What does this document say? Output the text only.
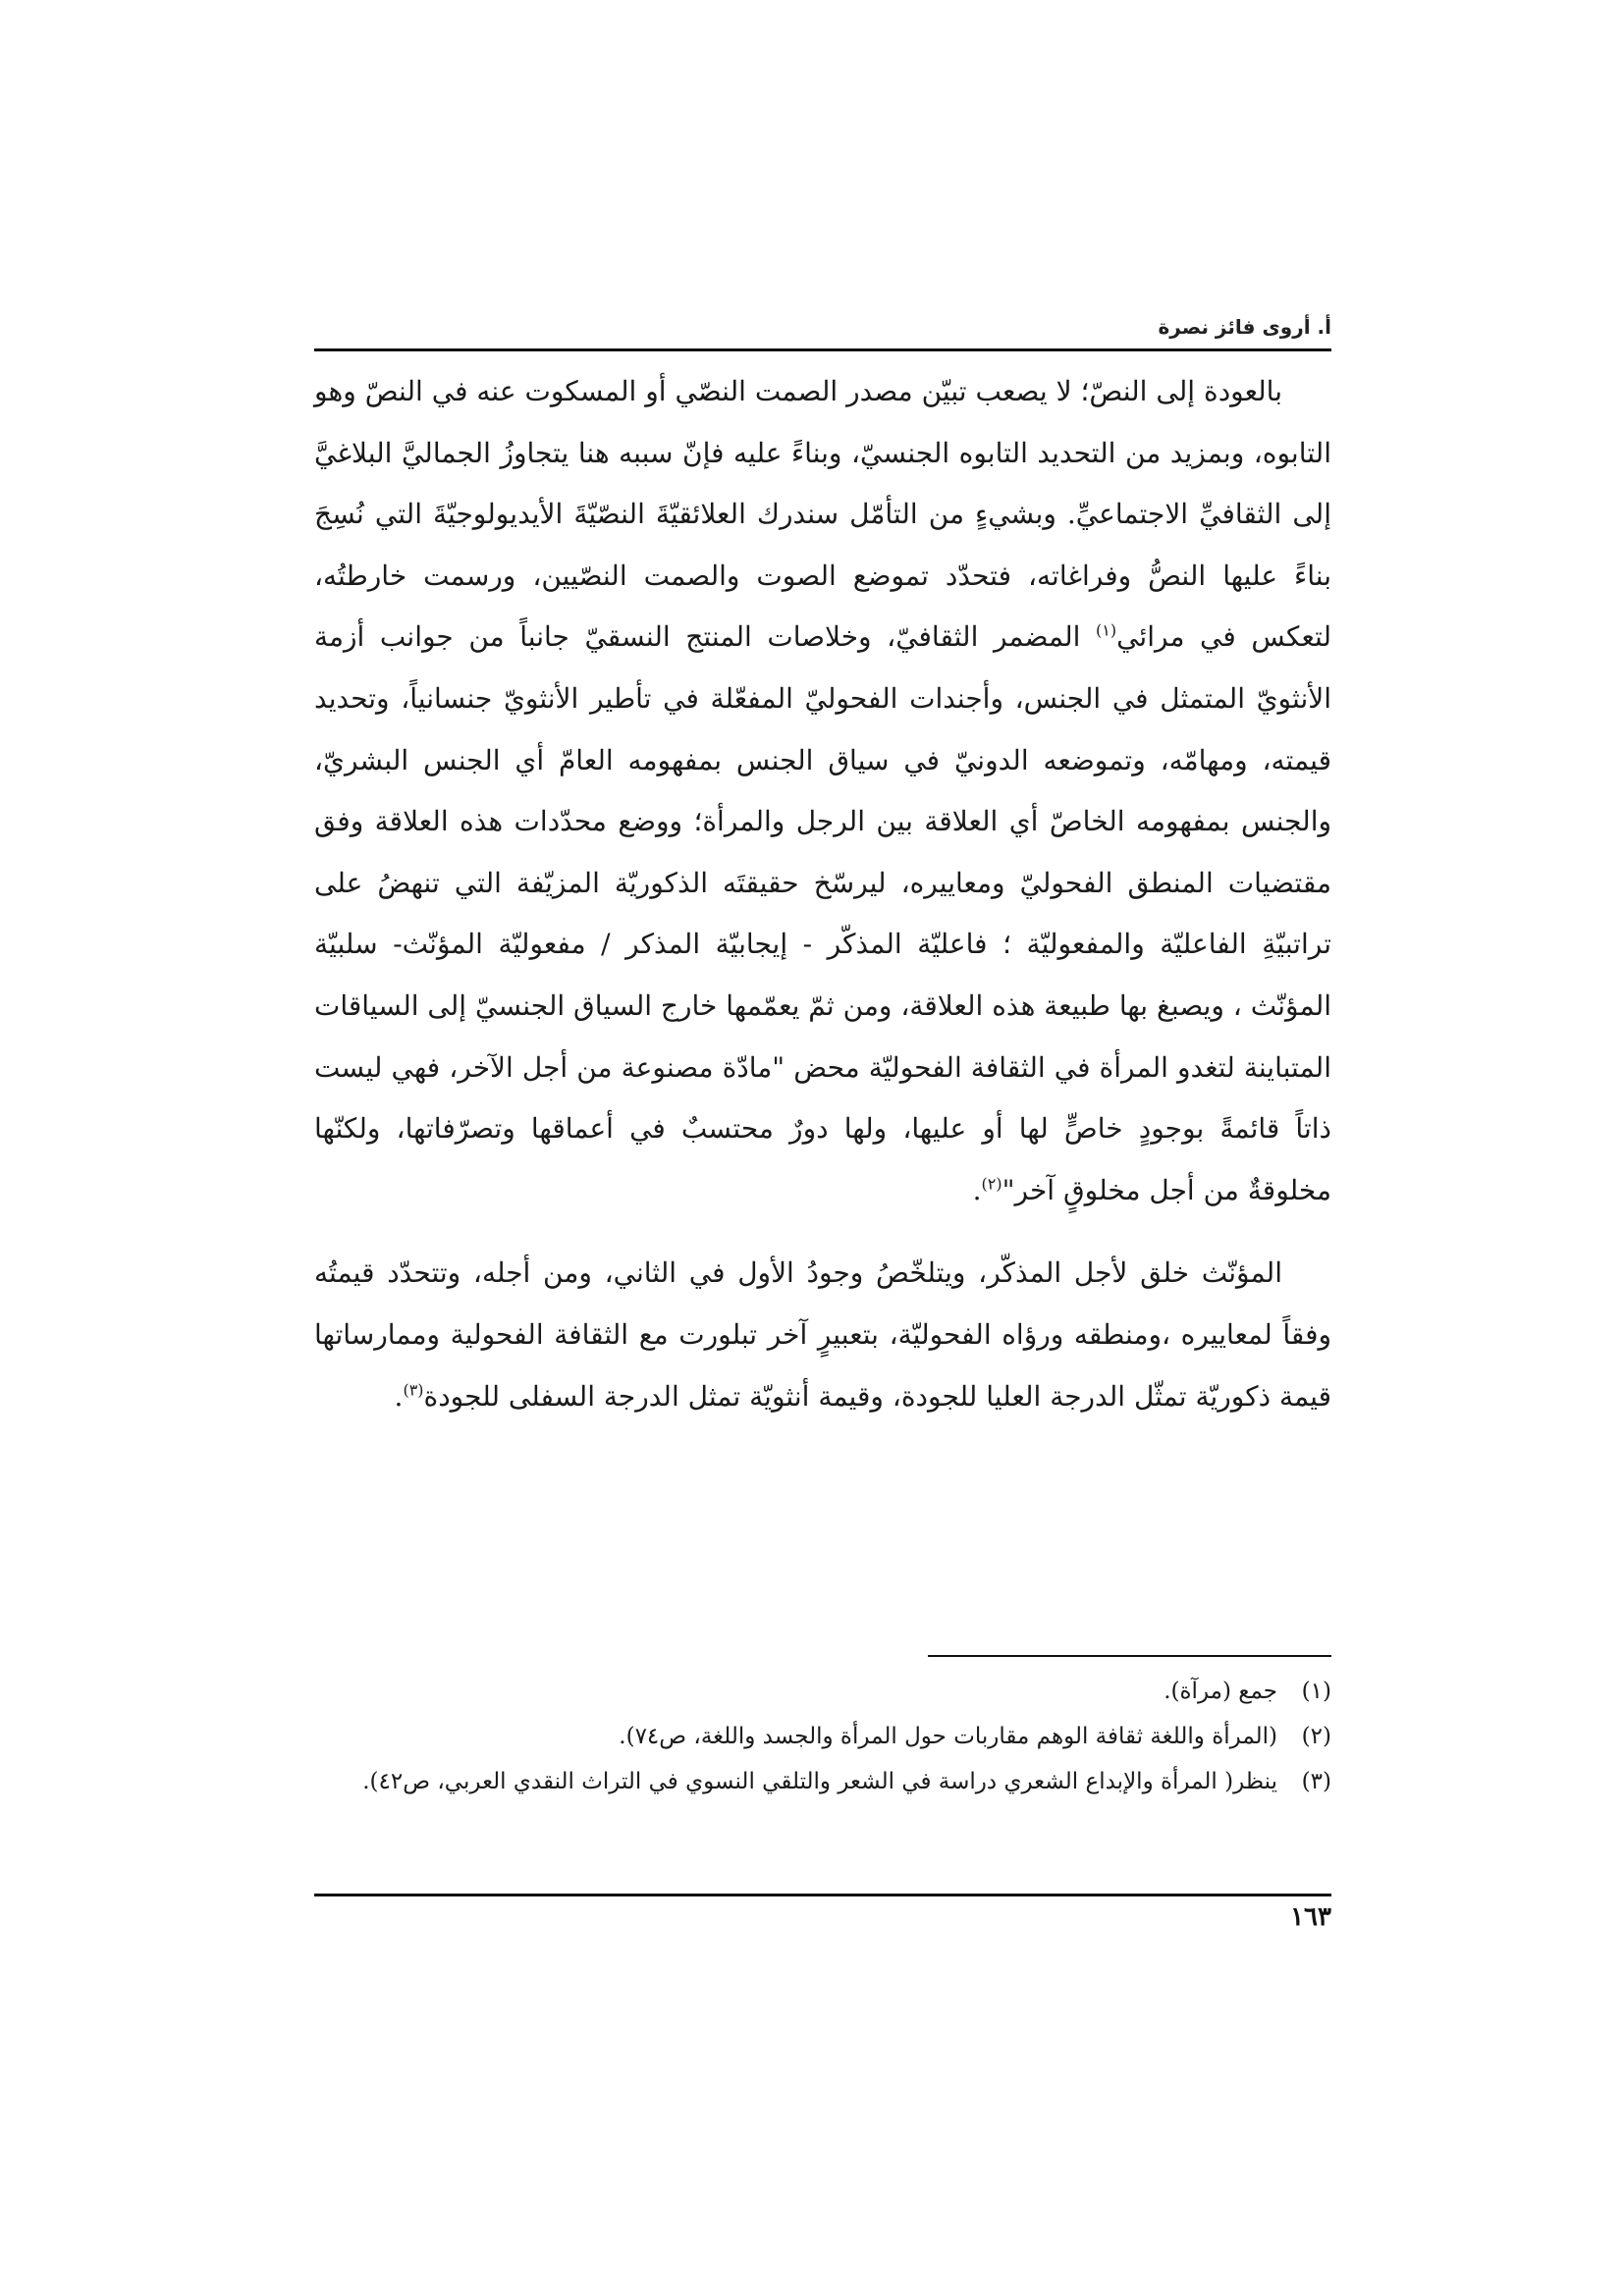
أ. أروى فائز نصرة

بالعودة إلى النصّ؛ لا يصعب تبيّن مصدر الصمت النصّي أو المسكوت عنه في النصّ وهو التابوه، وبمزيد من التحديد التابوه الجنسيّ، وبناءً عليه فإنّ سببه هنا يتجاوزُ الجماليَّ البلاغيَّ إلى الثقافيِّ الاجتماعيِّ. وبشيءٍ من التأمّل سندرك العلائقيّةَ النصّيّةَ الأيديولوجيّةَ التي نُسِجَ بناءً عليها النصُّ وفراغاته، فتحدّد تموضع الصوت والصمت النصّيين، ورسمت خارطتُه، لتعكس في مرائي$^{(١)}$ المضمر الثقافيّ، وخلاصات المنتج النسقيّ جانباً من جوانب أزمة الأنثويّ المتمثل في الجنس، وأجندات الفحوليّ المفعّلة في تأطير الأنثويّ جنسانياً، وتحديد قيمته، ومهامّه، وتموضعه الدونيّ في سياق الجنس بمفهومه العامّ أي الجنس البشريّ، والجنس بمفهومه الخاصّ أي العلاقة بين الرجل والمرأة؛ ووضع محدّدات هذه العلاقة وفق مقتضيات المنطق الفحوليّ ومعاييره، ليرسّخ حقيقتَه الذكوريّة المزيّفة التي تنهضُ على تراتبيّةِ الفاعليّة والمفعوليّة ؛ فاعليّة المذكّر - إيجابيّة المذكر / مفعوليّة المؤنّث- سلبيّة المؤنّث ، ويصبغ بها طبيعة هذه العلاقة، ومن ثمّ يعمّمها خارج السياق الجنسيّ إلى السياقات المتباينة لتغدو المرأة في الثقافة الفحوليّة محض "مادّة مصنوعة من أجل الآخر، فهي ليست ذاتاً قائمةً بوجودٍ خاصٍّ لها أو عليها، ولها دورٌ محتسبٌ في أعماقها وتصرّفاتها، ولكنّها مخلوقةٌ من أجل مخلوقٍ آخر"$^{(٢)}$.

المؤنّث خلق لأجل المذكّر، ويتلخّصُ وجودُ الأول في الثاني، ومن أجله، وتتحدّد قيمتُه وفقاً لمعاييره ،ومنطقه ورؤاه الفحوليّة، بتعبيرٍ آخر تبلورت مع الثقافة الفحولية وممارساتها قيمة ذكوريّة تمثّل الدرجة العليا للجودة، وقيمة أنثويّة تمثل الدرجة السفلى للجودة$^{(٣)}$.

(١)
جمع (مرآة).
(٢)
(المرأة واللغة ثقافة الوهم مقاربات حول المرأة والجسد واللغة، ص٧٤).
(٣)
ينظر( المرأة والإبداع الشعري دراسة في الشعر والتلقي النسوي في التراث النقدي العربي، ص٤٢).
١٦٣
